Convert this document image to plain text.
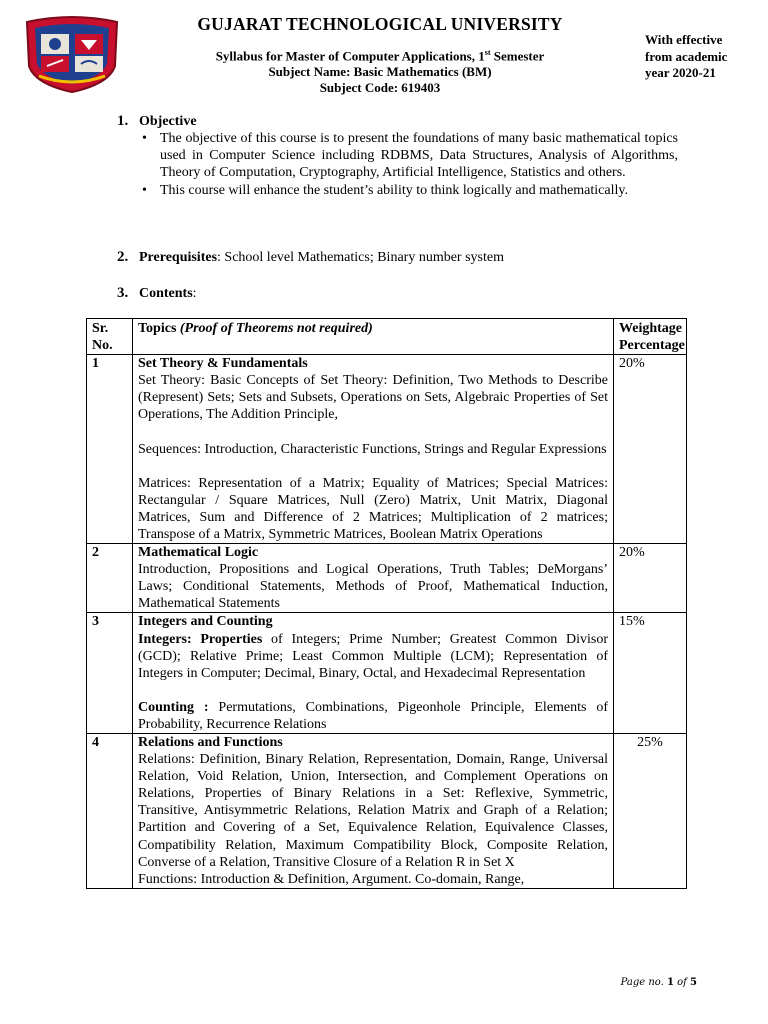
GUJARAT TECHNOLOGICAL UNIVERSITY
Syllabus for Master of Computer Applications, 1st Semester
Subject Name: Basic Mathematics (BM)
Subject Code: 619403
With effective
from academic
year 2020-21
1. Objective
• The objective of this course is to present the foundations of many basic mathematical topics used in Computer Science including RDBMS, Data Structures, Analysis of Algorithms, Theory of Computation, Cryptography, Artificial Intelligence, Statistics and others.
• This course will enhance the student’s ability to think logically and mathematically.
2. Prerequisites: School level Mathematics; Binary number system
3. Contents:
Sr. No.	Topics (Proof of Theorems not required)	Weightage Percentage
1	Set Theory & Fundamentals
Set Theory: Basic Concepts of Set Theory: Definition, Two Methods to Describe (Represent) Sets; Sets and Subsets, Operations on Sets, Algebraic Properties of Set Operations, The Addition Principle,
Sequences: Introduction, Characteristic Functions, Strings and Regular Expressions
Matrices: Representation of a Matrix; Equality of Matrices; Special Matrices: Rectangular / Square Matrices, Null (Zero) Matrix, Unit Matrix, Diagonal Matrices, Sum and Difference of 2 Matrices; Multiplication of 2 matrices; Transpose of a Matrix, Symmetric Matrices, Boolean Matrix Operations	20%
2	Mathematical Logic
Introduction, Propositions and Logical Operations, Truth Tables; DeMorgans’ Laws; Conditional Statements, Methods of Proof, Mathematical Induction, Mathematical Statements	20%
3	Integers and Counting
Integers: Properties of Integers; Prime Number; Greatest Common Divisor (GCD); Relative Prime; Least Common Multiple (LCM); Representation of Integers in Computer; Decimal, Binary, Octal, and Hexadecimal Representation
Counting : Permutations, Combinations, Pigeonhole Principle, Elements of Probability, Recurrence Relations	15%
4	Relations and Functions
Relations: Definition, Binary Relation, Representation, Domain, Range, Universal Relation, Void Relation, Union, Intersection, and Complement Operations on Relations, Properties of Binary Relations in a Set: Reflexive, Symmetric, Transitive, Antisymmetric Relations, Relation Matrix and Graph of a Relation; Partition and Covering of a Set, Equivalence Relation, Equivalence Classes, Compatibility Relation, Maximum Compatibility Block, Composite Relation, Converse of a Relation, Transitive Closure of a Relation R in Set X
Functions: Introduction & Definition, Argument. Co-domain, Range,	25%
Page no. 1 of 5
